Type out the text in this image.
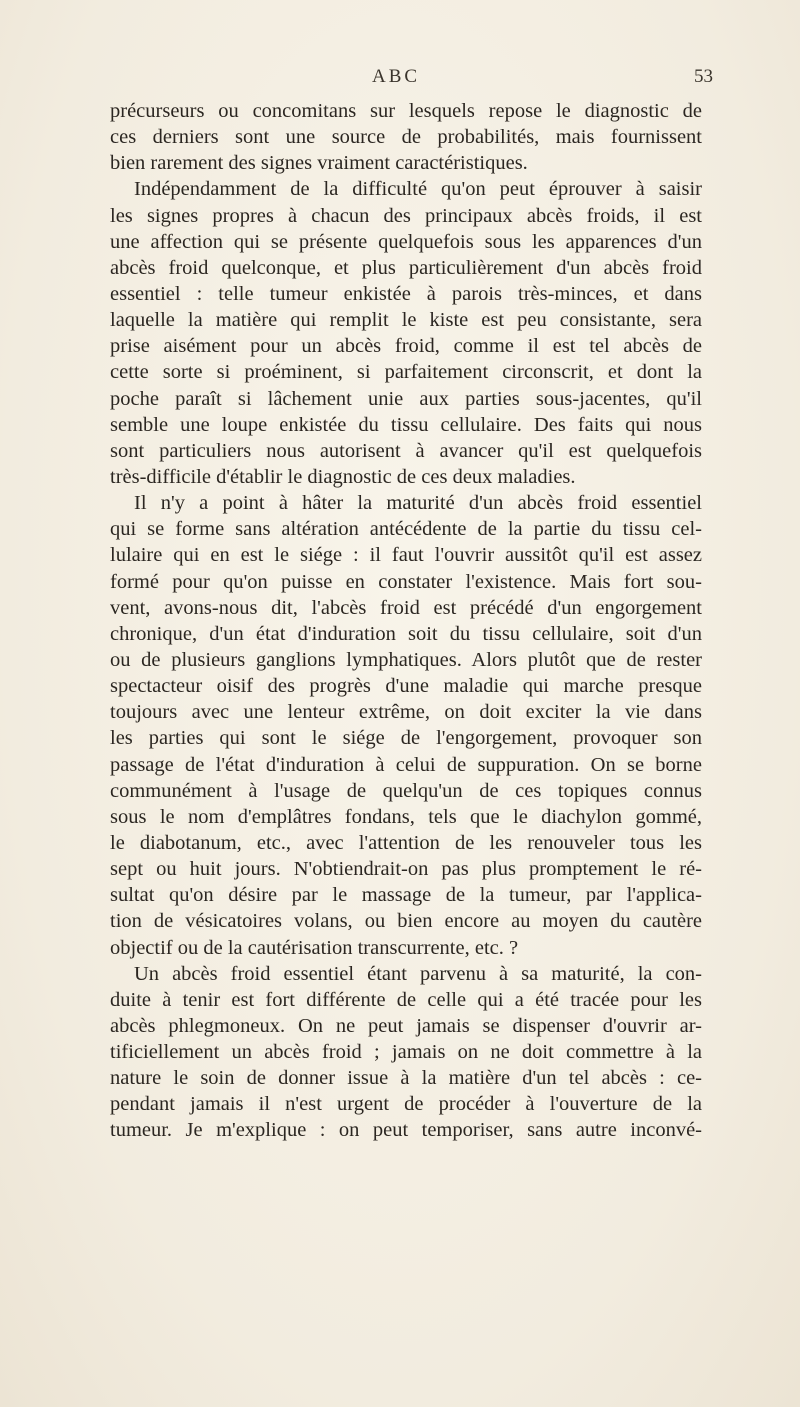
ABC	53
précurseurs ou concomitans sur lesquels repose le diagnostic de
ces derniers sont une source de probabilités, mais fournissent
bien rarement des signes vraiment caractéristiques.
Indépendamment de la difficulté qu'on peut éprouver à saisir
les signes propres à chacun des principaux abcès froids, il est
une affection qui se présente quelquefois sous les apparences d'un
abcès froid quelconque, et plus particulièrement d'un abcès froid
essentiel : telle tumeur enkistée à parois très-minces, et dans
laquelle la matière qui remplit le kiste est peu consistante, sera
prise aisément pour un abcès froid, comme il est tel abcès de
cette sorte si proéminent, si parfaitement circonscrit, et dont la
poche paraît si lâchement unie aux parties sous-jacentes, qu'il
semble une loupe enkistée du tissu cellulaire. Des faits qui nous
sont particuliers nous autorisent à avancer qu'il est quelquefois
très-difficile d'établir le diagnostic de ces deux maladies.
Il n'y a point à hâter la maturité d'un abcès froid essentiel
qui se forme sans altération antécédente de la partie du tissu cel-
lulaire qui en est le siége : il faut l'ouvrir aussitôt qu'il est assez
formé pour qu'on puisse en constater l'existence. Mais fort sou-
vent, avons-nous dit, l'abcès froid est précédé d'un engorgement
chronique, d'un état d'induration soit du tissu cellulaire, soit d'un
ou de plusieurs ganglions lymphatiques. Alors plutôt que de rester
spectacteur oisif des progrès d'une maladie qui marche presque
toujours avec une lenteur extrême, on doit exciter la vie dans
les parties qui sont le siége de l'engorgement, provoquer son
passage de l'état d'induration à celui de suppuration. On se borne
communément à l'usage de quelqu'un de ces topiques connus
sous le nom d'emplâtres fondans, tels que le diachylon gommé,
le diabotanum, etc., avec l'attention de les renouveler tous les
sept ou huit jours. N'obtiendrait-on pas plus promptement le ré-
sultat qu'on désire par le massage de la tumeur, par l'applica-
tion de vésicatoires volans, ou bien encore au moyen du cautère
objectif ou de la cautérisation transcurrente, etc. ?
Un abcès froid essentiel étant parvenu à sa maturité, la con-
duite à tenir est fort différente de celle qui a été tracée pour les
abcès phlegmoneux. On ne peut jamais se dispenser d'ouvrir ar-
tificiellement un abcès froid ; jamais on ne doit commettre à la
nature le soin de donner issue à la matière d'un tel abcès : ce-
pendant jamais il n'est urgent de procéder à l'ouverture de la
tumeur. Je m'explique : on peut temporiser, sans autre inconvé-
